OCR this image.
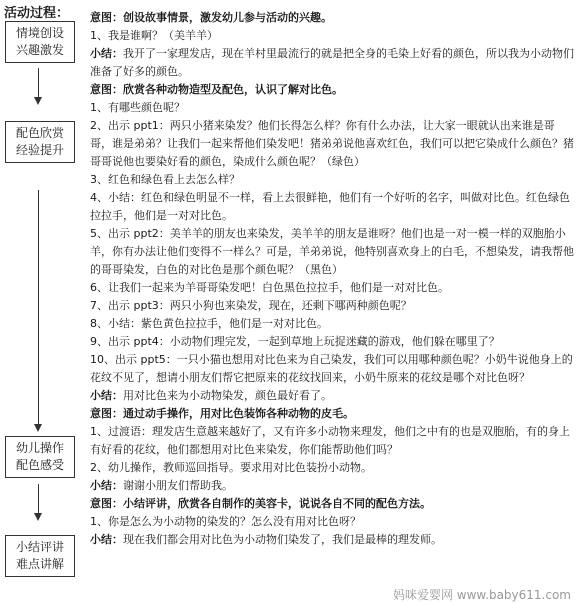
活动过程：
情境创设
兴趣激发
配色欣赏
经验提升
幼儿操作
配色感受
小结评讲
难点讲解

意图：创设故事情景，激发幼儿参与活动的兴趣。

1、我是谁啊？（美羊羊）

小结：我开了一家理发店，现在羊村里最流行的就是把全身的毛染上好看的颜色，所以我为小动物们准备了好多的颜色。

意图：欣赏各种动物造型及配色，认识了解对比色。

1、有哪些颜色呢？

2、出示 ppt1：两只小猪来染发？他们长得怎么样？你有什么办法，让大家一眼就认出来谁是哥哥，谁是弟弟？让我们一起来帮他们染发吧！猪弟弟说他喜欢红色，我们可以把它染成什么颜色？猪哥哥说他也要染好看的颜色，染成什么颜色呢？（绿色）

3、红色和绿色看上去怎么样？

4、小结：红色和绿色明显不一样，看上去很鲜艳，他们有一个好听的名字，叫做对比色。红色绿色拉拉手，他们是一对对比色。

5、出示 ppt2：美羊羊的朋友也来染发，美羊羊的朋友是谁呀？他们也是一对一模一样的双胞胎小羊，你有办法让他们变得不一样么？可是，羊弟弟说，他特别喜欢身上的白毛，不想染发，请我帮他的哥哥染发，白色的对比色是那个颜色呢？（黑色）

6、让我们一起来为羊哥哥染发吧！白色黑色拉拉手，他们是一对对比色。

7、出示 ppt3：两只小狗也来染发，现在，还剩下哪两种颜色呢？

8、小结：紫色黄色拉拉手，他们是一对对比色。

9、出示 ppt4：小动物们理完发，一起到草地上玩捉迷藏的游戏，他们躲在哪里了？

10、出示 ppt5：一只小猫也想用对比色来为自己染发，我们可以用哪种颜色呢？小奶牛说他身上的花纹不见了，想请小朋友们帮它把原来的花纹找回来，小奶牛原来的花纹是哪个对比色呀？

小结：用对比色来为小动物染发，颜色最好看了。

意图：通过动手操作，用对比色装饰各种动物的皮毛。

1、过渡语：理发店生意越来越好了，又有许多小动物来理发，他们之中有的也是双胞胎，有的身上有好看的花纹，他们都想用对比色来染发，你们能帮助他们吗？

2、幼儿操作，教师巡回指导。要求用对比色装扮小动物。

小结：谢谢小朋友们帮助我。

意图：小结评讲，欣赏各自制作的美容卡，说说各自不同的配色方法。

1、你是怎么为小动物的染发的？怎么没有用对比色呀？

小结：现在我们都会用对比色为小动物们染发了，我们是最棒的理发师。

妈咪爱婴网 www.baby611.com
